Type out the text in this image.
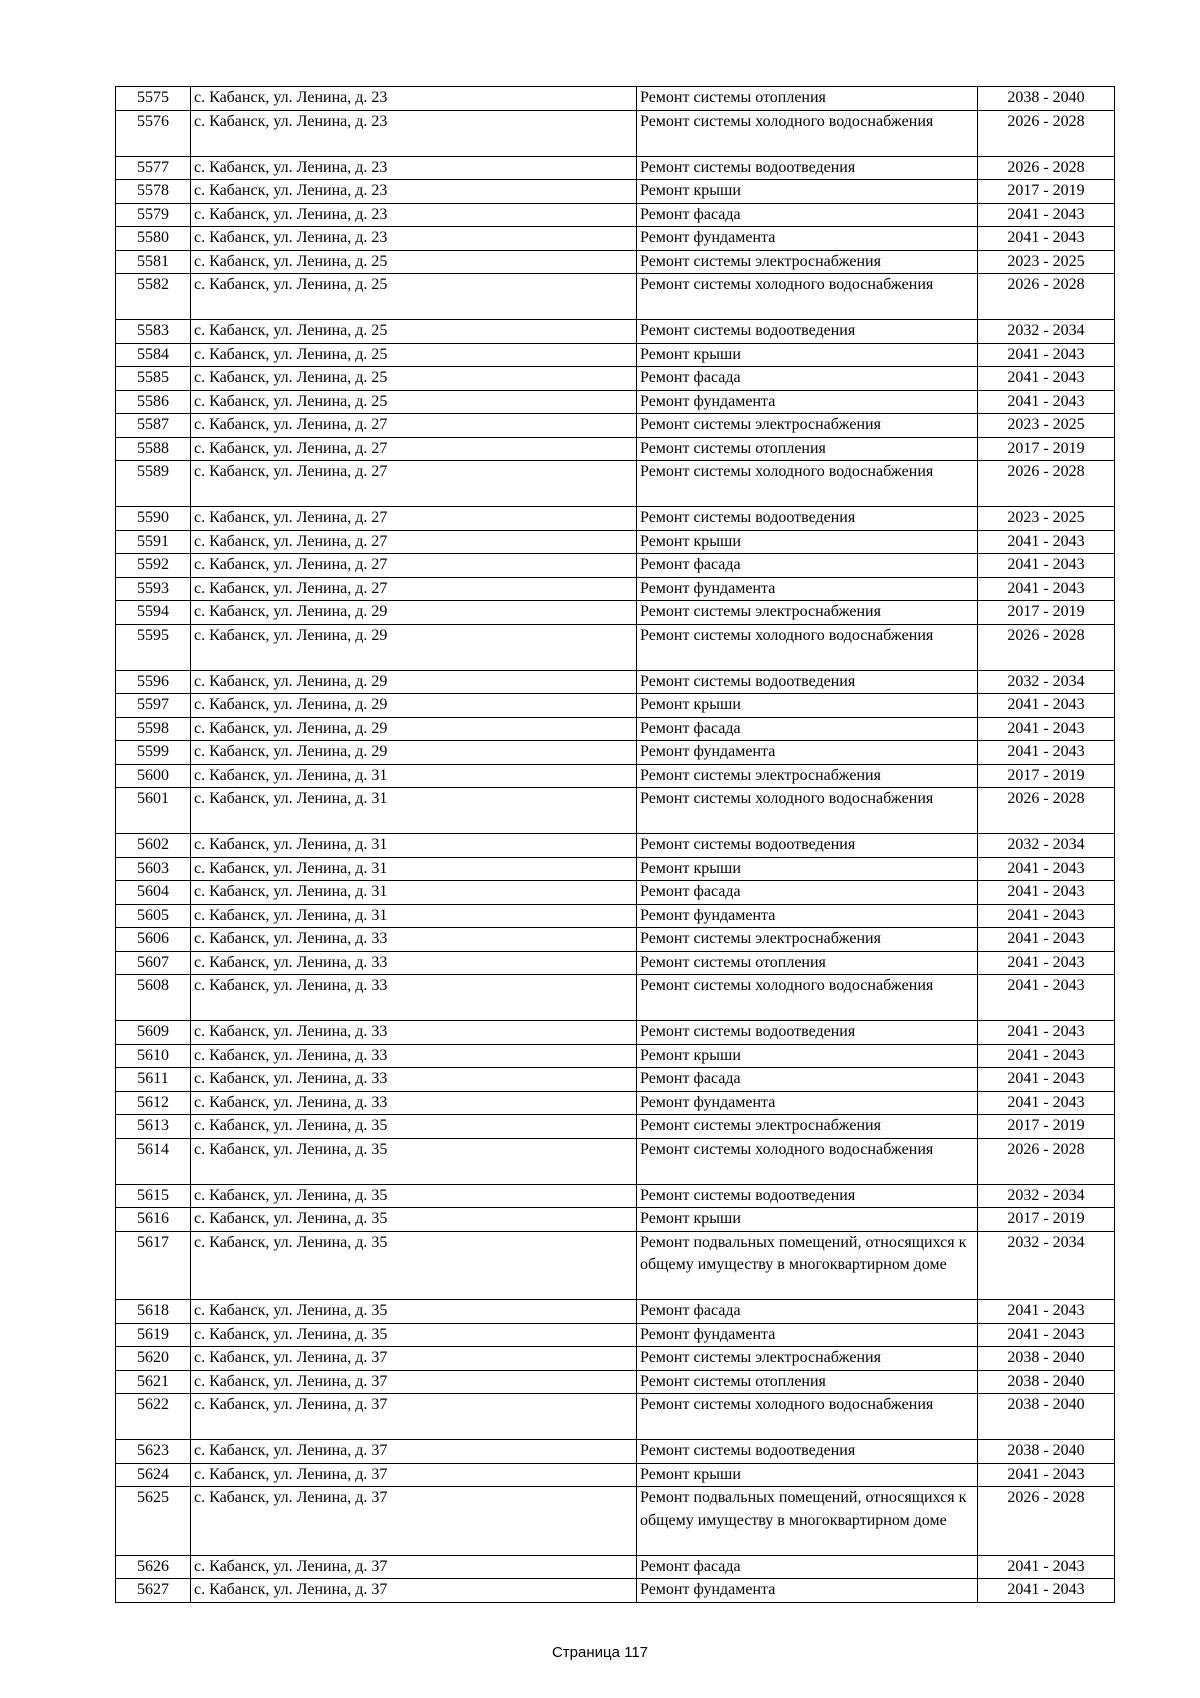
5575	с. Кабанск, ул. Ленина, д. 23	Ремонт системы отопления	2038 - 2040
5576	с. Кабанск, ул. Ленина, д. 23	Ремонт системы холодного водоснабжения	2026 - 2028
5577	с. Кабанск, ул. Ленина, д. 23	Ремонт системы водоотведения	2026 - 2028
5578	с. Кабанск, ул. Ленина, д. 23	Ремонт крыши	2017 - 2019
5579	с. Кабанск, ул. Ленина, д. 23	Ремонт фасада	2041 - 2043
5580	с. Кабанск, ул. Ленина, д. 23	Ремонт фундамента	2041 - 2043
5581	с. Кабанск, ул. Ленина, д. 25	Ремонт системы электроснабжения	2023 - 2025
5582	с. Кабанск, ул. Ленина, д. 25	Ремонт системы холодного водоснабжения	2026 - 2028
5583	с. Кабанск, ул. Ленина, д. 25	Ремонт системы водоотведения	2032 - 2034
5584	с. Кабанск, ул. Ленина, д. 25	Ремонт крыши	2041 - 2043
5585	с. Кабанск, ул. Ленина, д. 25	Ремонт фасада	2041 - 2043
5586	с. Кабанск, ул. Ленина, д. 25	Ремонт фундамента	2041 - 2043
5587	с. Кабанск, ул. Ленина, д. 27	Ремонт системы электроснабжения	2023 - 2025
5588	с. Кабанск, ул. Ленина, д. 27	Ремонт системы отопления	2017 - 2019
5589	с. Кабанск, ул. Ленина, д. 27	Ремонт системы холодного водоснабжения	2026 - 2028
5590	с. Кабанск, ул. Ленина, д. 27	Ремонт системы водоотведения	2023 - 2025
5591	с. Кабанск, ул. Ленина, д. 27	Ремонт крыши	2041 - 2043
5592	с. Кабанск, ул. Ленина, д. 27	Ремонт фасада	2041 - 2043
5593	с. Кабанск, ул. Ленина, д. 27	Ремонт фундамента	2041 - 2043
5594	с. Кабанск, ул. Ленина, д. 29	Ремонт системы электроснабжения	2017 - 2019
5595	с. Кабанск, ул. Ленина, д. 29	Ремонт системы холодного водоснабжения	2026 - 2028
5596	с. Кабанск, ул. Ленина, д. 29	Ремонт системы водоотведения	2032 - 2034
5597	с. Кабанск, ул. Ленина, д. 29	Ремонт крыши	2041 - 2043
5598	с. Кабанск, ул. Ленина, д. 29	Ремонт фасада	2041 - 2043
5599	с. Кабанск, ул. Ленина, д. 29	Ремонт фундамента	2041 - 2043
5600	с. Кабанск, ул. Ленина, д. 31	Ремонт системы электроснабжения	2017 - 2019
5601	с. Кабанск, ул. Ленина, д. 31	Ремонт системы холодного водоснабжения	2026 - 2028
5602	с. Кабанск, ул. Ленина, д. 31	Ремонт системы водоотведения	2032 - 2034
5603	с. Кабанск, ул. Ленина, д. 31	Ремонт крыши	2041 - 2043
5604	с. Кабанск, ул. Ленина, д. 31	Ремонт фасада	2041 - 2043
5605	с. Кабанск, ул. Ленина, д. 31	Ремонт фундамента	2041 - 2043
5606	с. Кабанск, ул. Ленина, д. 33	Ремонт системы электроснабжения	2041 - 2043
5607	с. Кабанск, ул. Ленина, д. 33	Ремонт системы отопления	2041 - 2043
5608	с. Кабанск, ул. Ленина, д. 33	Ремонт системы холодного водоснабжения	2041 - 2043
5609	с. Кабанск, ул. Ленина, д. 33	Ремонт системы водоотведения	2041 - 2043
5610	с. Кабанск, ул. Ленина, д. 33	Ремонт крыши	2041 - 2043
5611	с. Кабанск, ул. Ленина, д. 33	Ремонт фасада	2041 - 2043
5612	с. Кабанск, ул. Ленина, д. 33	Ремонт фундамента	2041 - 2043
5613	с. Кабанск, ул. Ленина, д. 35	Ремонт системы электроснабжения	2017 - 2019
5614	с. Кабанск, ул. Ленина, д. 35	Ремонт системы холодного водоснабжения	2026 - 2028
5615	с. Кабанск, ул. Ленина, д. 35	Ремонт системы водоотведения	2032 - 2034
5616	с. Кабанск, ул. Ленина, д. 35	Ремонт крыши	2017 - 2019
5617	с. Кабанск, ул. Ленина, д. 35	Ремонт подвальных помещений, относящихся к общему имуществу в многоквартирном доме	2032 - 2034
5618	с. Кабанск, ул. Ленина, д. 35	Ремонт фасада	2041 - 2043
5619	с. Кабанск, ул. Ленина, д. 35	Ремонт фундамента	2041 - 2043
5620	с. Кабанск, ул. Ленина, д. 37	Ремонт системы электроснабжения	2038 - 2040
5621	с. Кабанск, ул. Ленина, д. 37	Ремонт системы отопления	2038 - 2040
5622	с. Кабанск, ул. Ленина, д. 37	Ремонт системы холодного водоснабжения	2038 - 2040
5623	с. Кабанск, ул. Ленина, д. 37	Ремонт системы водоотведения	2038 - 2040
5624	с. Кабанск, ул. Ленина, д. 37	Ремонт крыши	2041 - 2043
5625	с. Кабанск, ул. Ленина, д. 37	Ремонт подвальных помещений, относящихся к общему имуществу в многоквартирном доме	2026 - 2028
5626	с. Кабанск, ул. Ленина, д. 37	Ремонт фасада	2041 - 2043
5627	с. Кабанск, ул. Ленина, д. 37	Ремонт фундамента	2041 - 2043
Страница 117
